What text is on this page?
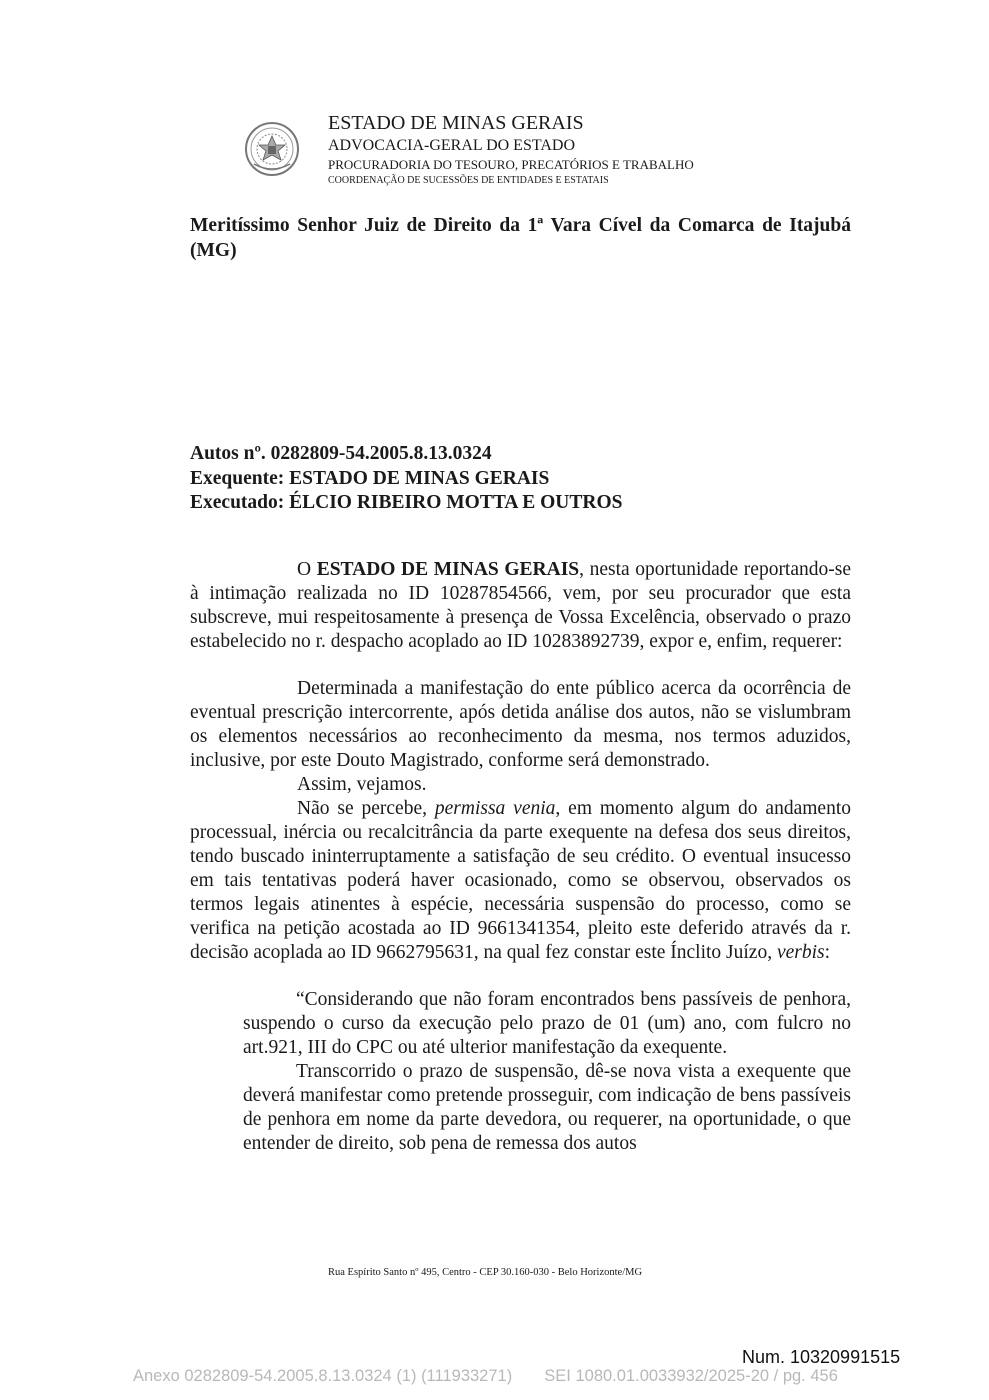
ESTADO DE MINAS GERAIS
ADVOCACIA-GERAL DO ESTADO
PROCURADORIA DO TESOURO, PRECATÓRIOS E TRABALHO
COORDENAÇÃO DE SUCESSÕES DE ENTIDADES E ESTATAIS
Meritíssimo Senhor Juiz de Direito da 1ª Vara Cível da Comarca de Itajubá (MG)
Autos nº. 0282809-54.2005.8.13.0324
Exequente: ESTADO DE MINAS GERAIS
Executado: ÉLCIO RIBEIRO MOTTA E OUTROS

O ESTADO DE MINAS GERAIS, nesta oportunidade reportando-se à intimação realizada no ID 10287854566, vem, por seu procurador que esta subscreve, mui respeitosamente à presença de Vossa Excelência, observado o prazo estabelecido no r. despacho acoplado ao ID 10283892739, expor e, enfim, requerer:

Determinada a manifestação do ente público acerca da ocorrência de eventual prescrição intercorrente, após detida análise dos autos, não se vislumbram os elementos necessários ao reconhecimento da mesma, nos termos aduzidos, inclusive, por este Douto Magistrado, conforme será demonstrado.

Assim, vejamos.

Não se percebe, permissa venia, em momento algum do andamento processual, inércia ou recalcitrância da parte exequente na defesa dos seus direitos, tendo buscado ininterruptamente a satisfação de seu crédito. O eventual insucesso em tais tentativas poderá haver ocasionado, como se observou, observados os termos legais atinentes à espécie, necessária suspensão do processo, como se verifica na petição acostada ao ID 9661341354, pleito este deferido através da r. decisão acoplada ao ID 9662795631, na qual fez constar este Ínclito Juízo, verbis:

“Considerando que não foram encontrados bens passíveis de penhora, suspendo o curso da execução pelo prazo de 01 (um) ano, com fulcro no art.921, III do CPC ou até ulterior manifestação da exequente.

Transcorrido o prazo de suspensão, dê-se nova vista a exequente que deverá manifestar como pretende prosseguir, com indicação de bens passíveis de penhora em nome da parte devedora, ou requerer, na oportunidade, o que entender de direito, sob pena de remessa dos autos

Rua Espírito Santo nº 495, Centro - CEP 30.160-030 - Belo Horizonte/MG
Num. 10320991515
Anexo 0282809-54.2005.8.13.0324 (1) (111933271)       SEI 1080.01.0033932/2025-20 / pg. 456
